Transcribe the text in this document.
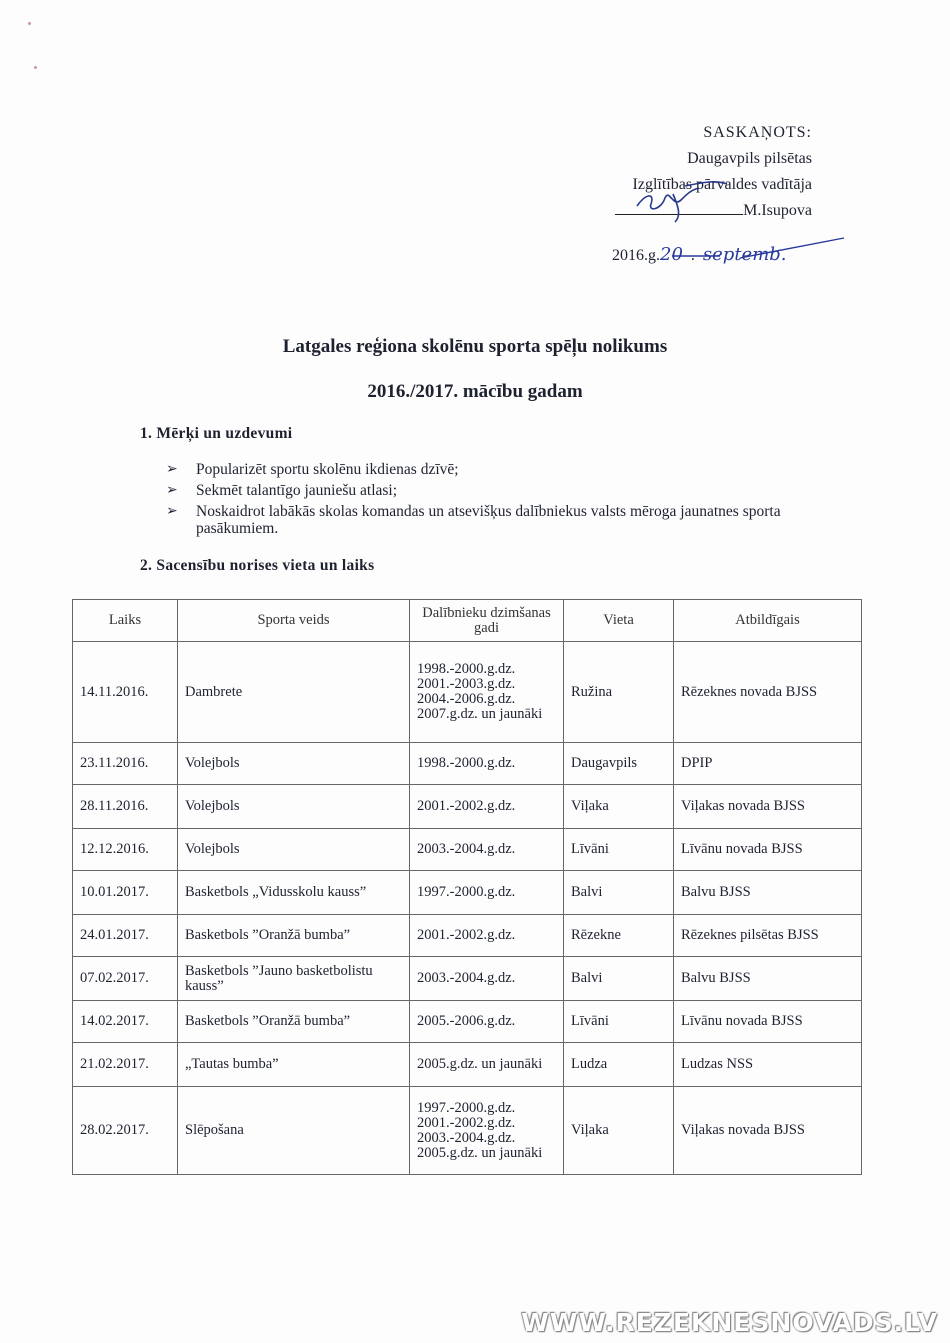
SASKAŅOTS:
Daugavpils pilsētas
Izglītības pārvaldes vadītāja
M.Isupova
2016.g.20 . septemb.
Latgales reģiona skolēnu sporta spēļu nolikums
2016./2017. mācību gadam
1. Mērķi un uzdevumi
➢ Popularizēt sportu skolēnu ikdienas dzīvē;
➢ Sekmēt talantīgo jauniešu atlasi;
➢ Noskaidrot labākās skolas komandas un atsevišķus dalībniekus valsts mēroga jaunatnes sporta pasākumiem.
2. Sacensību norises vieta un laiks
Laiks	Sporta veids	Dalībnieku dzimšanas gadi	Vieta	Atbildīgais
14.11.2016.	Dambrete	1998.-2000.g.dz.
2001.-2003.g.dz.
2004.-2006.g.dz.
2007.g.dz. un jaunāki	Ružina	Rēzeknes novada BJSS
23.11.2016.	Volejbols	1998.-2000.g.dz.	Daugavpils	DPIP
28.11.2016.	Volejbols	2001.-2002.g.dz.	Viļaka	Viļakas novada BJSS
12.12.2016.	Volejbols	2003.-2004.g.dz.	Līvāni	Līvānu novada BJSS
10.01.2017.	Basketbols „Vidusskolu kauss”	1997.-2000.g.dz.	Balvi	Balvu BJSS
24.01.2017.	Basketbols ”Oranžā bumba”	2001.-2002.g.dz.	Rēzekne	Rēzeknes pilsētas BJSS
07.02.2017.	Basketbols ”Jauno basketbolistu kauss”	2003.-2004.g.dz.	Balvi	Balvu BJSS
14.02.2017.	Basketbols ”Oranžā bumba”	2005.-2006.g.dz.	Līvāni	Līvānu novada BJSS
21.02.2017.	„Tautas bumba”	2005.g.dz. un jaunāki	Ludza	Ludzas NSS
28.02.2017.	Slēpošana	1997.-2000.g.dz.
2001.-2002.g.dz.
2003.-2004.g.dz.
2005.g.dz. un jaunāki	Viļaka	Viļakas novada BJSS
WWW.REZEKNESNOVADS.LV
